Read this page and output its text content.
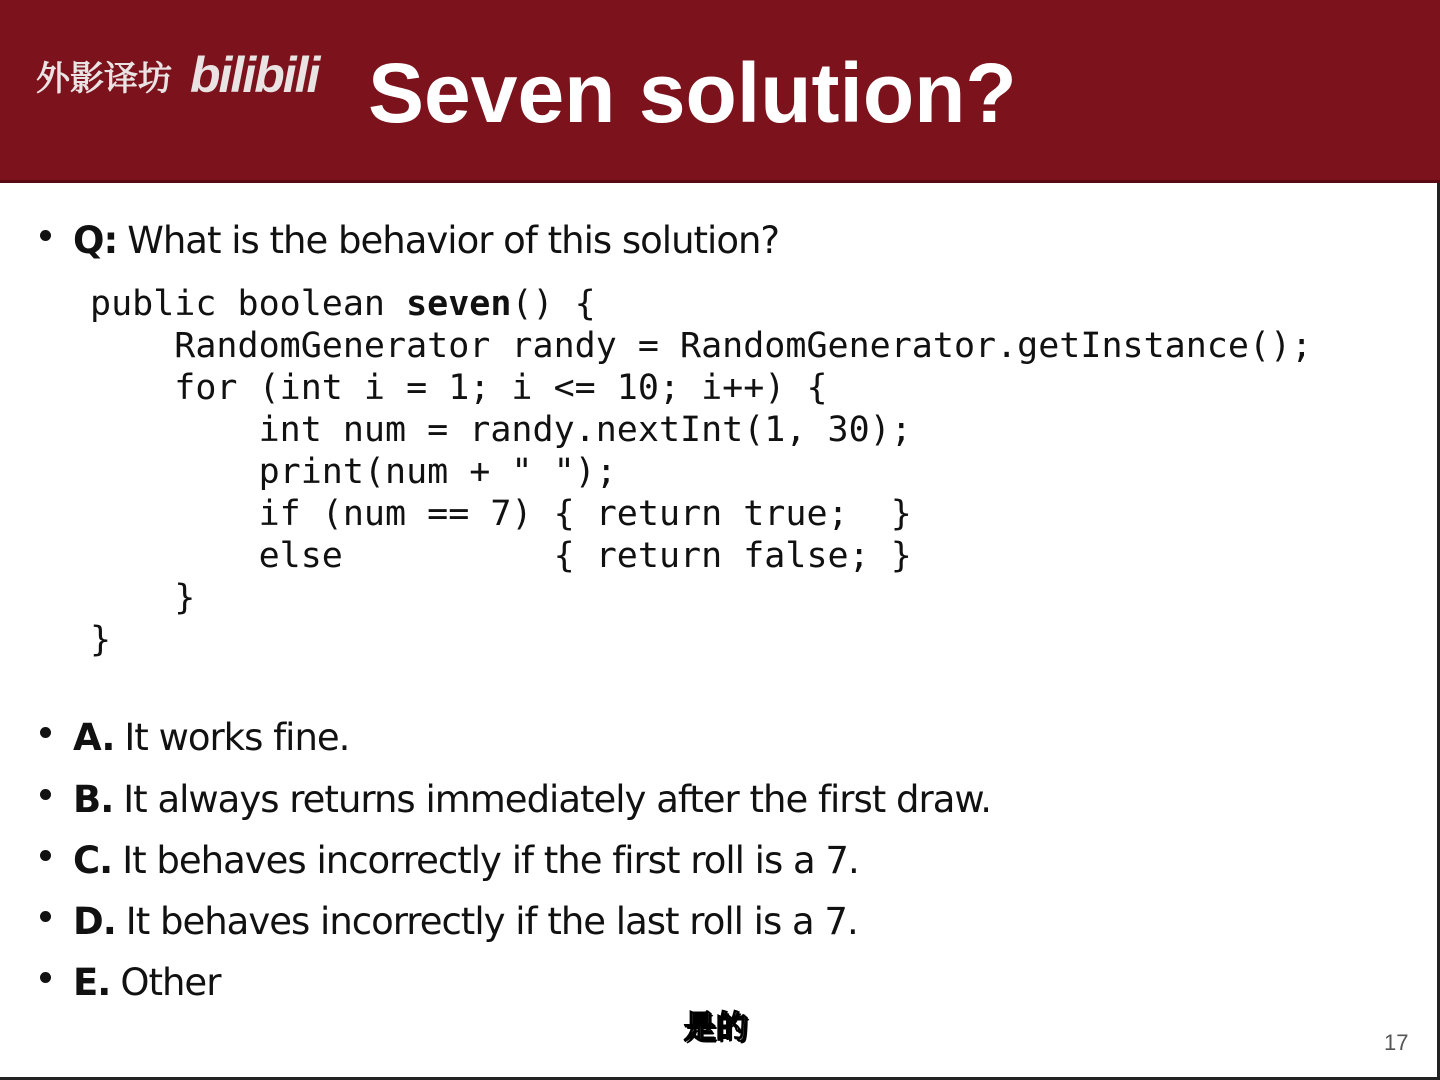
外影译坊 bilibili Seven solution?
Q: What is the behavior of this solution?
public boolean seven() {
RandomGenerator randy = RandomGenerator.getInstance();
for (int i = 1; i <= 10; i++) {
int num = randy.nextInt(1, 30);
print(num + " ");
if (num == 7) { return true;  }
else          { return false; }
}
}
A. It works fine.
B. It always returns immediately after the first draw.
C. It behaves incorrectly if the first roll is a 7.
D. It behaves incorrectly if the last roll is a 7.
E. Other
是的	17
